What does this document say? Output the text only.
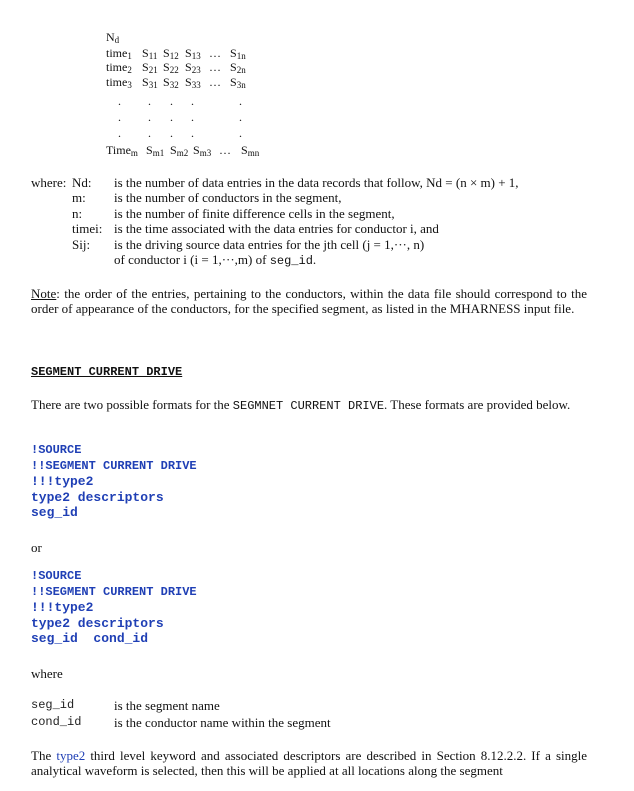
$N_d$
time$_1$ $S_{11}$ $S_{12}$ $S_{13}$ … $S_{1n}$
time$_2$ $S_{21}$ $S_{22}$ $S_{23}$ … $S_{2n}$
time$_3$ $S_{31}$ $S_{32}$ $S_{33}$ … $S_{3n}$
. . . .	.
. . . .	.
. . . .	.
Time$_m$ $S_{m1}$ $S_{m2}$ $S_{m3}$ … $S_{mn}$
where: Nd: is the number of data entries in the data records that follow, Nd = (n × m) + 1,
m: is the number of conductors in the segment,
n: is the number of finite difference cells in the segment,
timei: is the time associated with the data entries for conductor i, and
Sij: is the driving source data entries for the jth cell (j = 1,···, n)
of conductor i (i = 1,···,m) of seg_id.
Note: the order of the entries, pertaining to the conductors, within the data file should correspond to the order of appearance of the conductors, for the specified segment, as listed in the MHARNESS input file.
SEGMENT CURRENT DRIVE
There are two possible formats for the SEGMNET CURRENT DRIVE. These formats are provided below.
!SOURCE
!!SEGMENT CURRENT DRIVE
!!!type2
type2 descriptors
seg_id
or
!SOURCE
!!SEGMENT CURRENT DRIVE
!!!type2
type2 descriptors
seg_id  cond_id
where
seg_id	is the segment name
cond_id	is the conductor name within the segment
The type2 third level keyword and associated descriptors are described in Section 8.12.2.2. If a single analytical waveform is selected, then this will be applied at all locations along the segment
